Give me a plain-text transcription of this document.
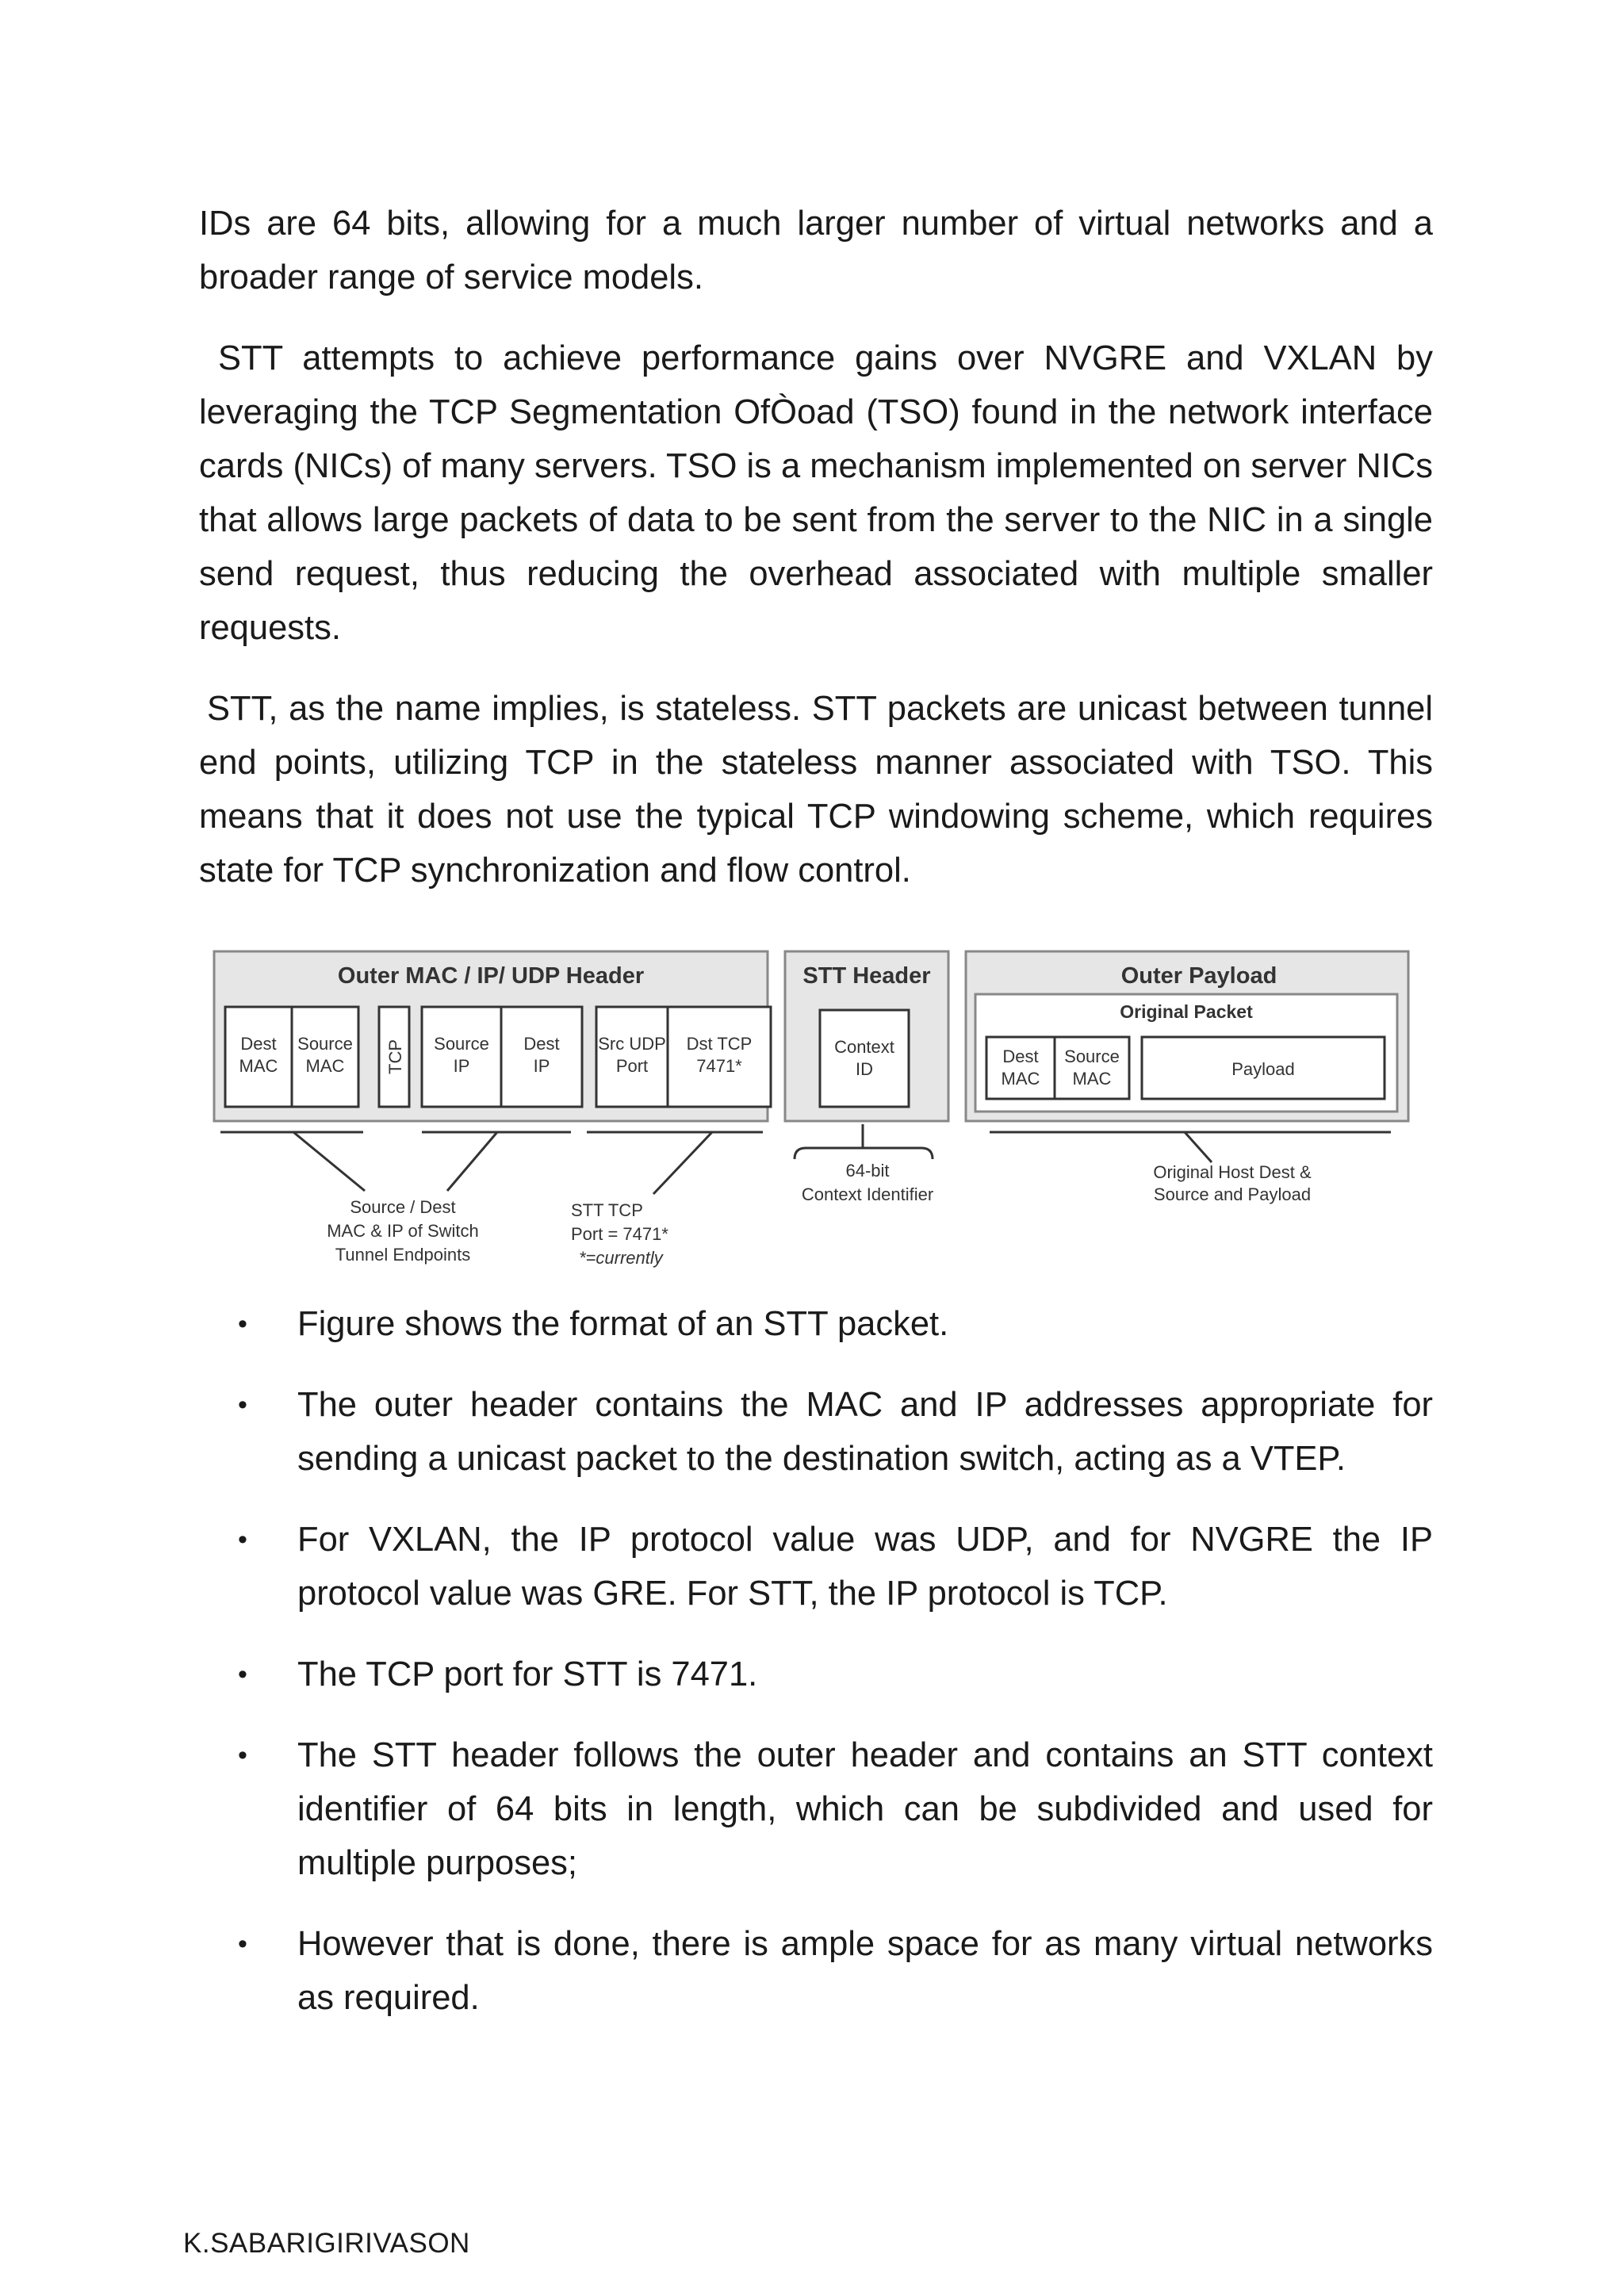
IDs are 64 bits, allowing for a much larger number of virtual networks and a broader range of service models.

STT attempts to achieve performance gains over NVGRE and VXLAN by leveraging the TCP Segmentation OfÒoad (TSO) found in the network interface cards (NICs) of many servers. TSO is a mechanism implemented on server NICs that allows large packets of data to be sent from the server to the NIC in a single send request, thus reducing the overhead associated with multiple smaller requests.

STT, as the name implies, is stateless. STT packets are unicast between tunnel end points, utilizing TCP in the stateless manner associated with TSO. This means that it does not use the typical TCP windowing scheme, which requires state for TCP synchronization and flow control.

Outer MAC / IP/ UDP Header
Dest
MAC
Source
MAC TCP Source
IP
Dest
IP
Src UDP
Port
Dst TCP
7471*
STT Header
Context
ID
Outer Payload
Original Packet
Dest
MAC
Source
MAC	Payload
Source / Dest
MAC & IP of Switch
Tunnel Endpoints
STT TCP
Port = 7471*
*=currently
64-bit
Context Identifier
Original Host Dest &
Source and Payload
• Figure shows the format of an STT packet.
• The outer header contains the MAC and IP addresses appropriate for sending a unicast packet to the destination switch, acting as a VTEP.
• For VXLAN, the IP protocol value was UDP, and for NVGRE the IP protocol value was GRE. For STT, the IP protocol is TCP.
• The TCP port for STT is 7471.
• The STT header follows the outer header and contains an STT context identifier of 64 bits in length, which can be subdivided and used for multiple purposes;
• However that is done, there is ample space for as many virtual networks as required.
K.SABARIGIRIVASON
